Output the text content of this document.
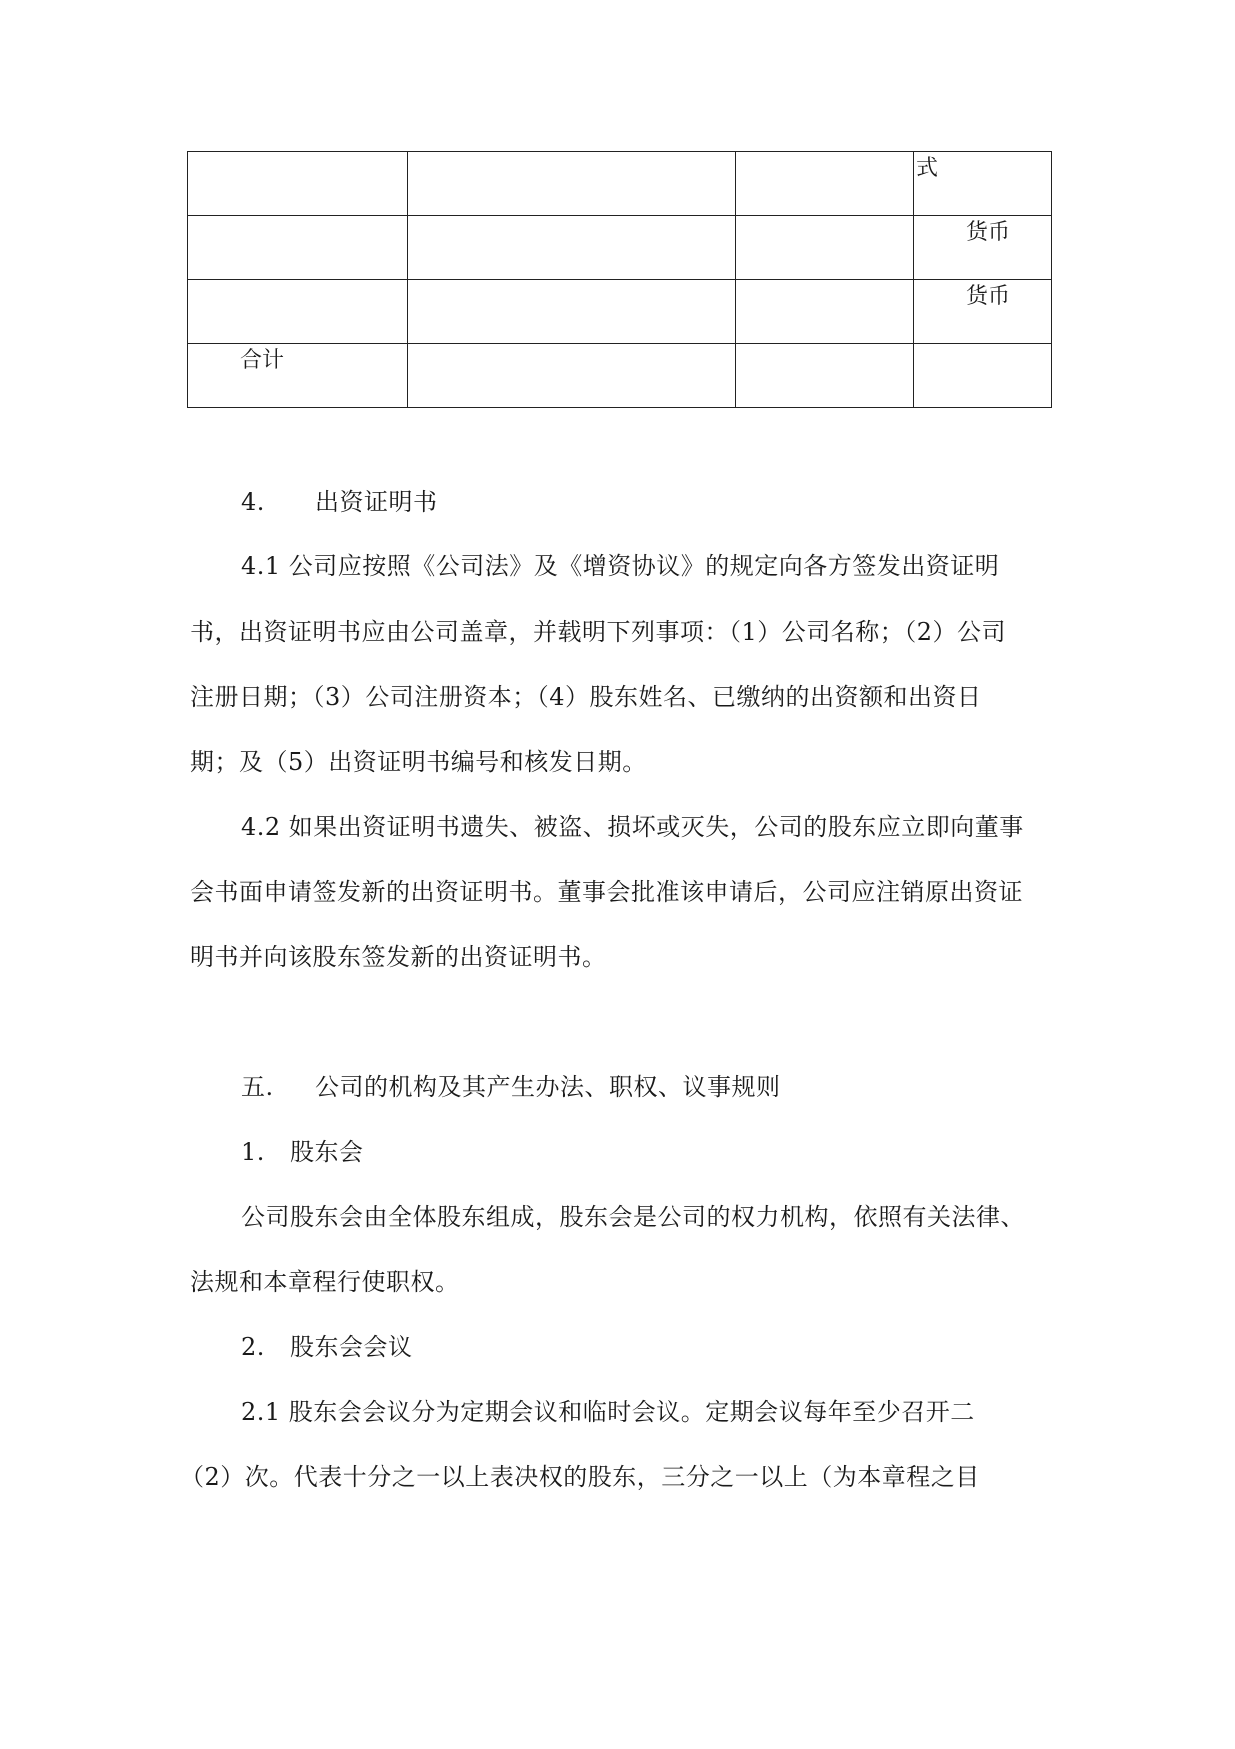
			式
			货币
			货币
合计			
4. 出资证明书
4.1 公司应按照《公司法》及《增资协议》的规定向各方签发出资证明
书，出资证明书应由公司盖章，并载明下列事项：（1）公司名称；（2）公司
注册日期；（3）公司注册资本；（4）股东姓名、已缴纳的出资额和出资日
期；及（5）出资证明书编号和核发日期。
4.2 如果出资证明书遗失、被盗、损坏或灭失，公司的股东应立即向董事
会书面申请签发新的出资证明书。董事会批准该申请后，公司应注销原出资证
明书并向该股东签发新的出资证明书。
五. 公司的机构及其产生办法、职权、议事规则
1. 股东会
公司股东会由全体股东组成，股东会是公司的权力机构，依照有关法律、
法规和本章程行使职权。
2. 股东会会议
2.1 股东会会议分为定期会议和临时会议。定期会议每年至少召开二
（2）次。代表十分之一以上表决权的股东，三分之一以上（为本章程之目
